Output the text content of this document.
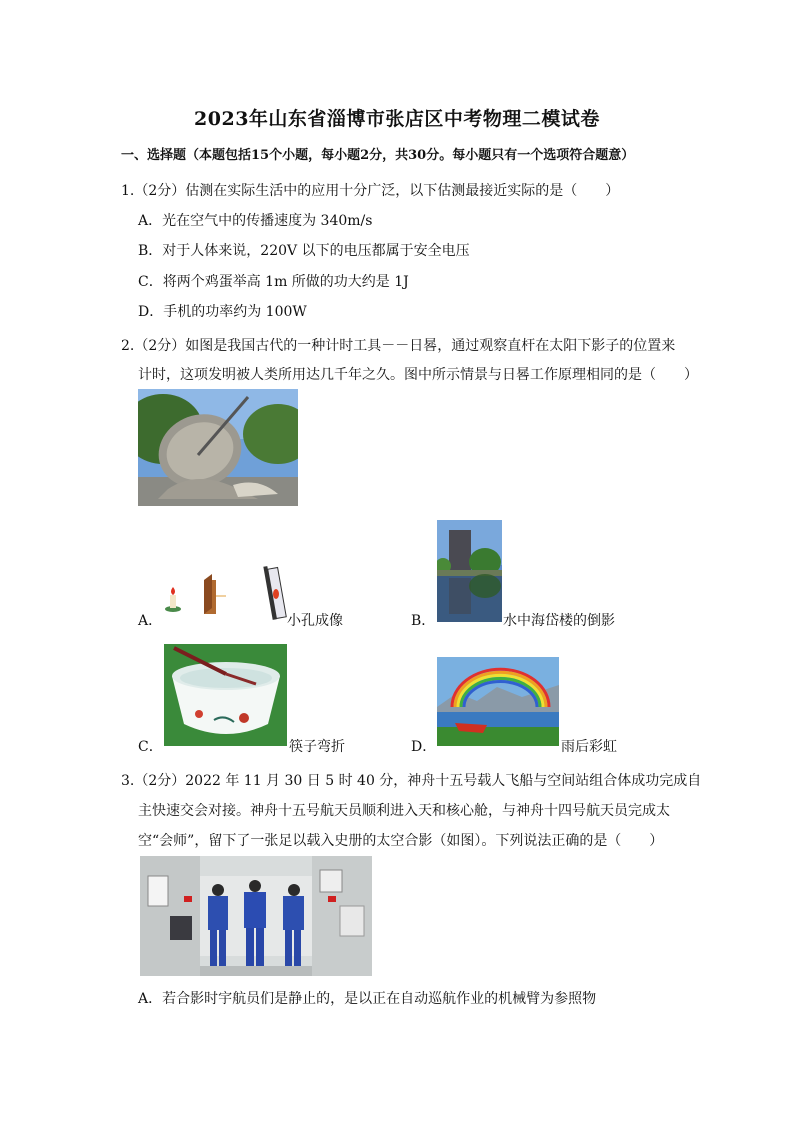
2023年山东省淄博市张店区中考物理二模试卷
一、选择题（本题包括15个小题，每小题2分，共30分。每小题只有一个选项符合题意）
1.（2分）估测在实际生活中的应用十分广泛，以下估测最接近实际的是（　　）
A．光在空气中的传播速度为 340m/s
B．对于人体来说，220V 以下的电压都属于安全电压
C．将两个鸡蛋举高 1m 所做的功大约是 1J
D．手机的功率约为 100W
2.（2分）如图是我国古代的一种计时工具－－日晷，通过观察直杆在太阳下影子的位置来
计时，这项发明被人类所用达几千年之久。图中所示情景与日晷工作原理相同的是（　　）
A．	小孔成像	B．	水中海岱楼的倒影
C．	筷子弯折	D．	雨后彩虹
3.（2分）2022 年 11 月 30 日 5 时 40 分，神舟十五号载人飞船与空间站组合体成功完成自
主快速交会对接。神舟十五号航天员顺利进入天和核心舱，与神舟十四号航天员完成太
空“会师”，留下了一张足以载入史册的太空合影（如图）。下列说法正确的是（　　）
A．若合影时宇航员们是静止的，是以正在自动巡航作业的机械臂为参照物
